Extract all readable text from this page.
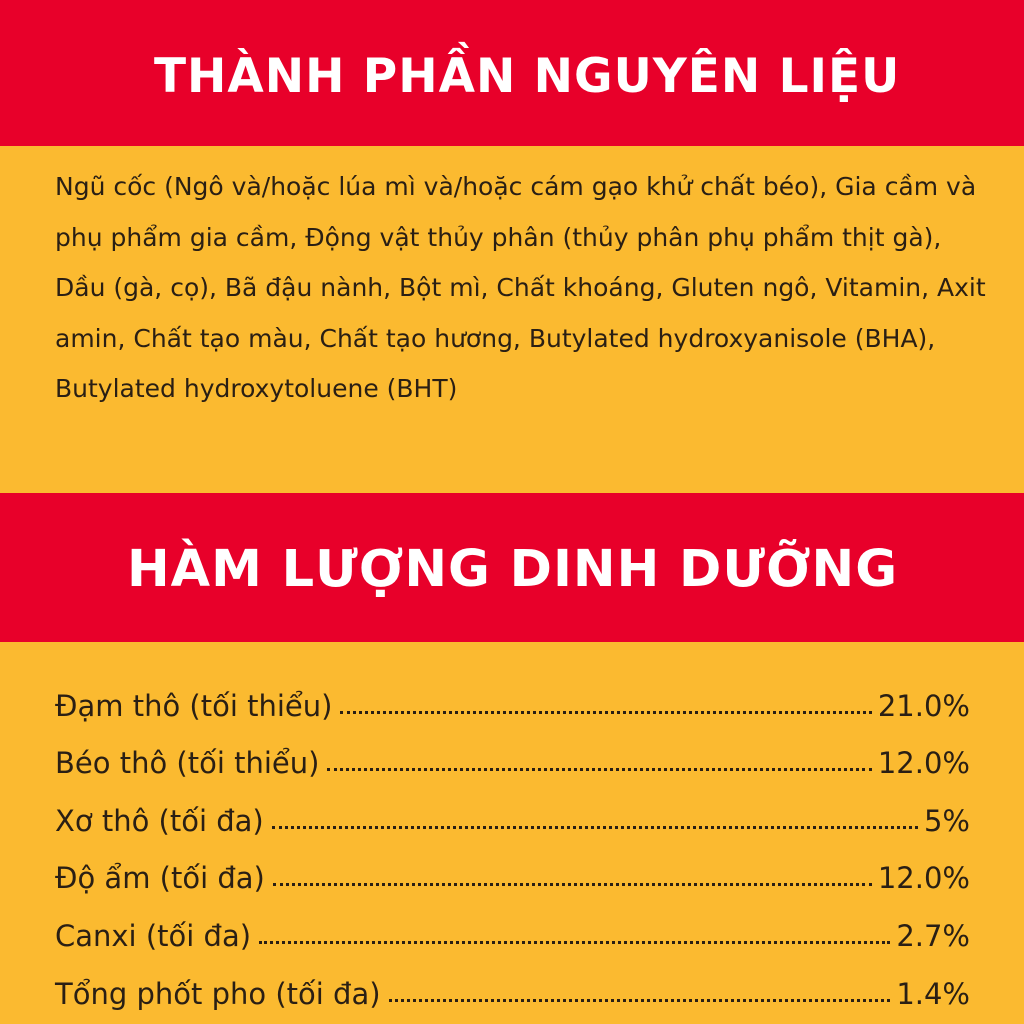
THÀNH PHẦN NGUYÊN LIỆU

Ngũ cốc (Ngô và/hoặc lúa mì và/hoặc cám gạo khử chất béo), Gia cầm và phụ phẩm gia cầm, Động vật thủy phân (thủy phân phụ phẩm thịt gà), Dầu (gà, cọ), Bã đậu nành, Bột mì, Chất khoáng, Gluten ngô, Vitamin, Axit amin, Chất tạo màu, Chất tạo hương, Butylated hydroxyanisole (BHA), Butylated hydroxytoluene (BHT)

HÀM LƯỢNG DINH DƯỠNG
Đạm thô (tối thiểu)	21.0%
Béo thô (tối thiểu)	12.0%
Xơ thô (tối đa)	5%
Độ ẩm (tối đa)	12.0%
Canxi (tối đa)	2.7%
Tổng phốt pho (tối đa)	1.4%
